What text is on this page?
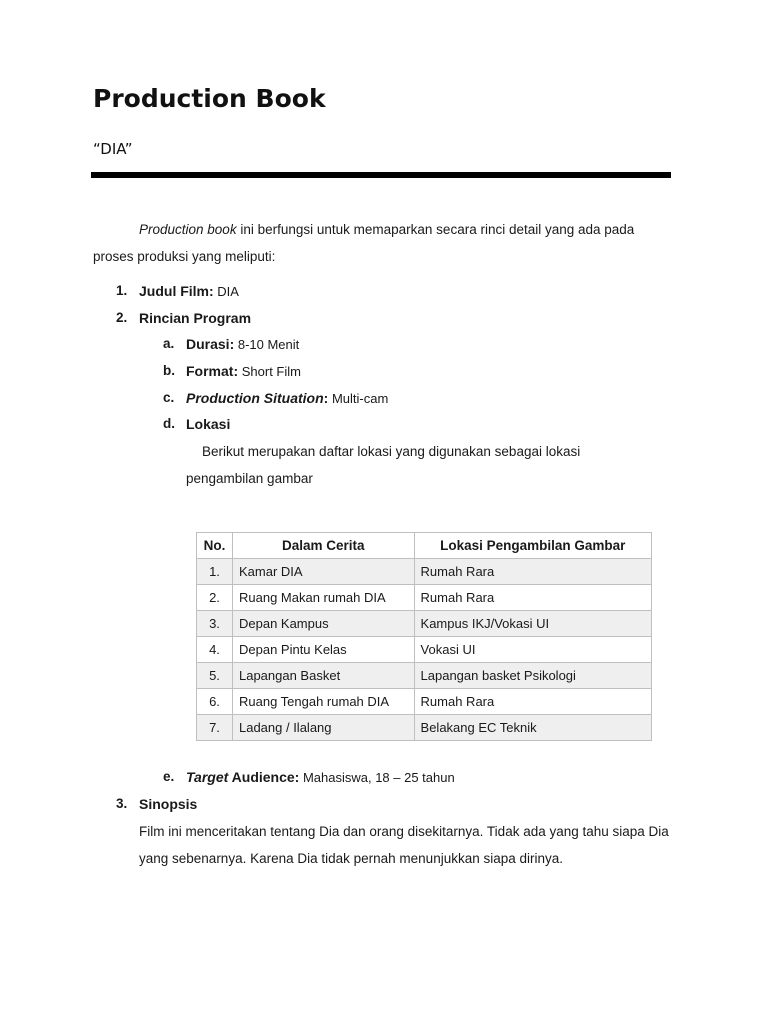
Production Book
“DIA”
Production book ini berfungsi untuk memaparkan secara rinci detail yang ada pada proses produksi yang meliputi:
1. Judul Film: DIA
2. Rincian Program
a. Durasi: 8-10 Menit
b. Format: Short Film
c. Production Situation: Multi-cam
d. Lokasi
Berikut merupakan daftar lokasi yang digunakan sebagai lokasi pengambilan gambar
No.	Dalam Cerita	Lokasi Pengambilan Gambar
1.	Kamar DIA	Rumah Rara
2.	Ruang Makan rumah DIA	Rumah Rara
3.	Depan Kampus	Kampus IKJ/Vokasi UI
4.	Depan Pintu Kelas	Vokasi UI
5.	Lapangan Basket	Lapangan basket Psikologi
6.	Ruang Tengah rumah DIA	Rumah Rara
7.	Ladang / Ilalang	Belakang EC Teknik
e. Target Audience: Mahasiswa, 18 – 25 tahun
3. Sinopsis
Film ini menceritakan tentang Dia dan orang disekitarnya. Tidak ada yang tahu siapa Dia yang sebenarnya. Karena Dia tidak pernah menunjukkan siapa dirinya.
